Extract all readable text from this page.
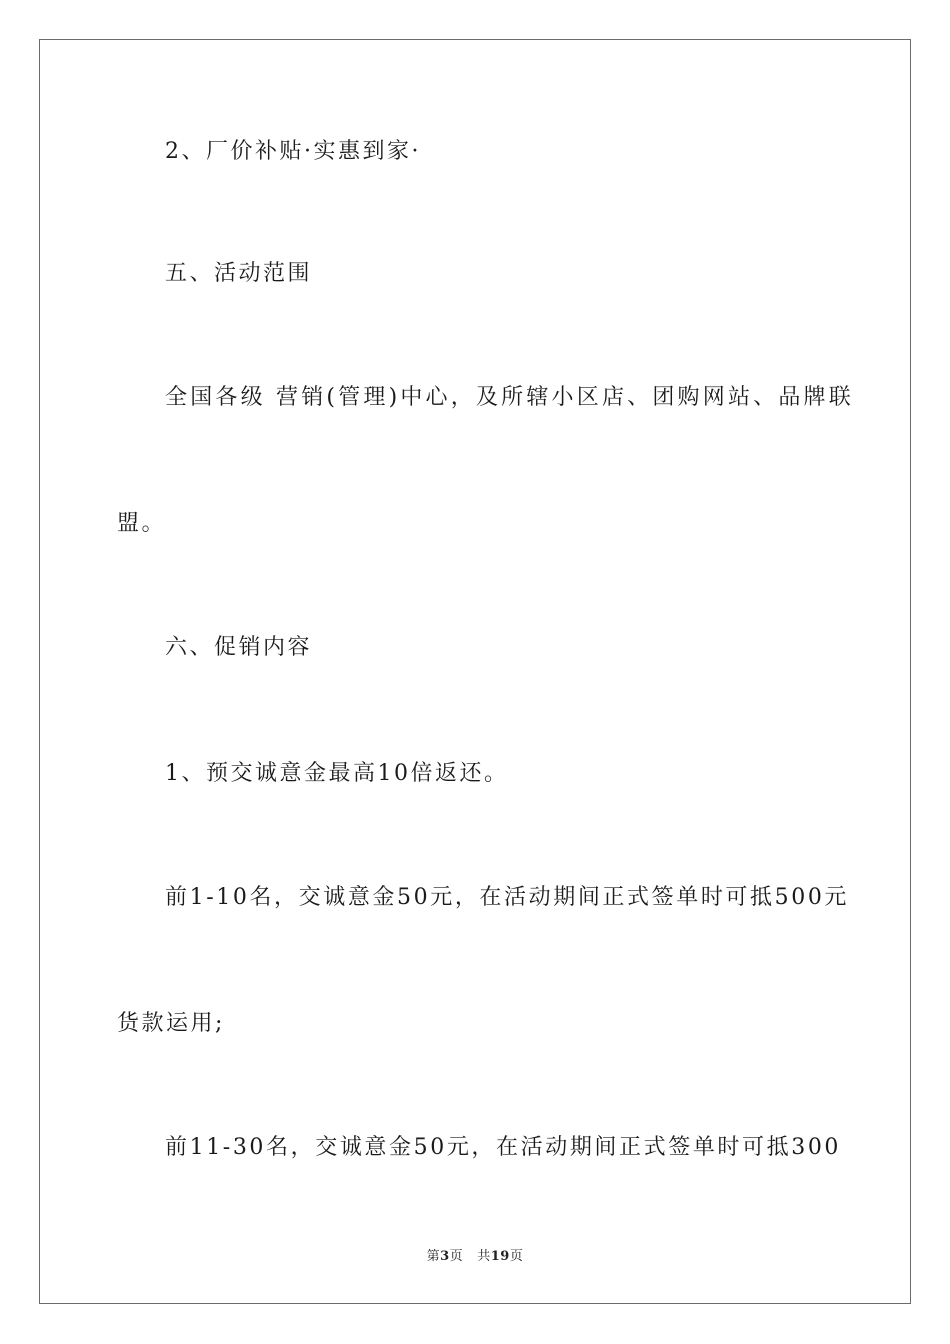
2、厂价补贴·实惠到家·
五、活动范围
全国各级 营销(管理)中心，及所辖小区店、团购网站、品牌联
盟。
六、促销内容
1、预交诚意金最高10倍返还。
前1-10名，交诚意金50元，在活动期间正式签单时可抵500元
货款运用;
前11-30名，交诚意金50元，在活动期间正式签单时可抵300
第3页 共19页
